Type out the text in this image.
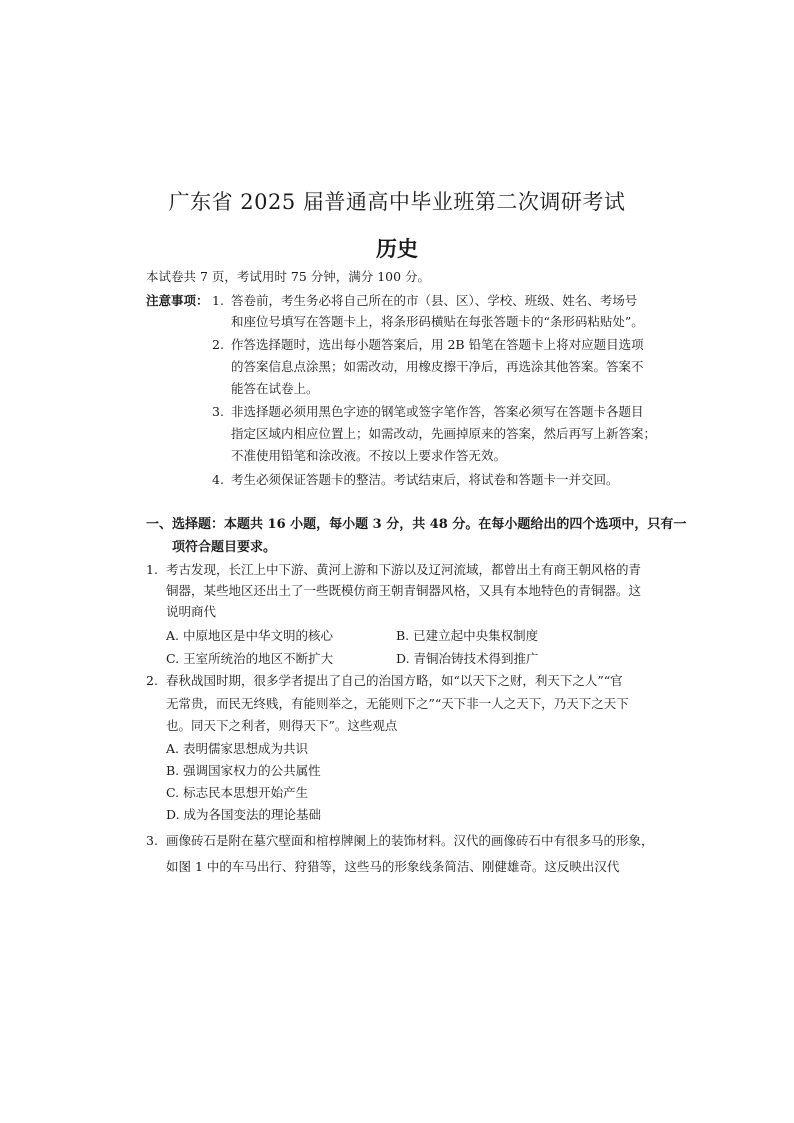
广东省 2025 届普通高中毕业班第二次调研考试
历史
本试卷共 7 页，考试用时 75 分钟，满分 100 分。
注意事项： 1. 答卷前，考生务必将自己所在的市（县、区）、学校、班级、姓名、考场号
和座位号填写在答题卡上，将条形码横贴在每张答题卡的“条形码粘贴处”。
2. 作答选择题时，选出每小题答案后，用 2B 铅笔在答题卡上将对应题目选项
的答案信息点涂黑；如需改动，用橡皮擦干净后，再选涂其他答案。答案不
能答在试卷上。
3. 非选择题必须用黑色字迹的钢笔或签字笔作答，答案必须写在答题卡各题目
指定区域内相应位置上；如需改动，先画掉原来的答案，然后再写上新答案；
不准使用铅笔和涂改液。不按以上要求作答无效。
4. 考生必须保证答题卡的整洁。考试结束后，将试卷和答题卡一并交回。
一、选择题：本题共 16 小题，每小题 3 分，共 48 分。在每小题给出的四个选项中，只有一
项符合题目要求。
1. 考古发现，长江上中下游、黄河上游和下游以及辽河流域，都曾出土有商王朝风格的青
铜器，某些地区还出土了一些既模仿商王朝青铜器风格，又具有本地特色的青铜器。这
说明商代
A. 中原地区是中华文明的核心	B. 已建立起中央集权制度
C. 王室所统治的地区不断扩大	D. 青铜冶铸技术得到推广
2. 春秋战国时期，很多学者提出了自己的治国方略，如“以天下之财，利天下之人”“官
无常贵，而民无终贱，有能则举之，无能则下之”“天下非一人之天下，乃天下之天下
也。同天下之利者，则得天下”。这些观点
A. 表明儒家思想成为共识
B. 强调国家权力的公共属性
C. 标志民本思想开始产生
D. 成为各国变法的理论基础
3. 画像砖石是附在墓穴壁面和棺椁牌阑上的装饰材料。汉代的画像砖石中有很多马的形象，
如图 1 中的车马出行、狩猎等，这些马的形象线条简洁、刚健雄奇。这反映出汉代
